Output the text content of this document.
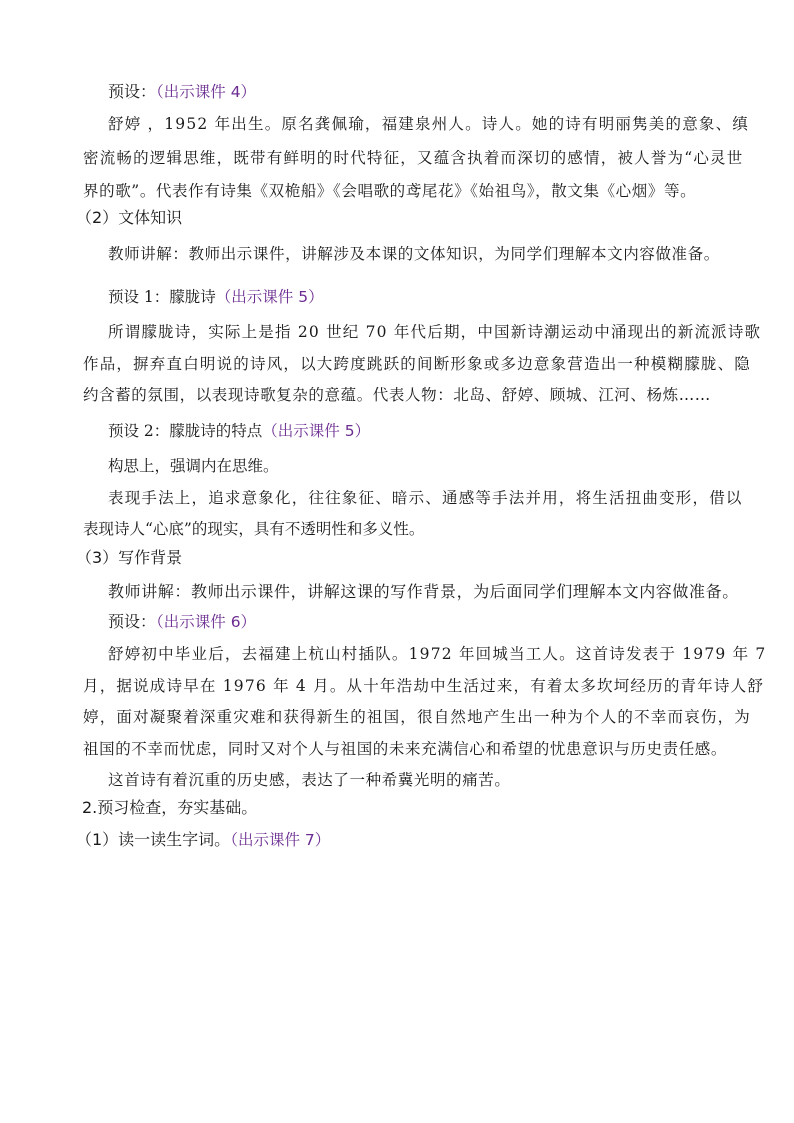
预设：（出示课件 4）
舒婷 ，1952 年出生。原名龚佩瑜，福建泉州人。诗人。她的诗有明丽隽美的意象、缜
密流畅的逻辑思维，既带有鲜明的时代特征，又蕴含执着而深切的感情，被人誉为“心灵世
界的歌”。代表作有诗集《双桅船》《会唱歌的鸢尾花》《始祖鸟》，散文集《心烟》等。
（2）文体知识
教师讲解：教师出示课件，讲解涉及本课的文体知识，为同学们理解本文内容做准备。
预设 1：朦胧诗（出示课件 5）
所谓朦胧诗，实际上是指 20 世纪 70 年代后期，中国新诗潮运动中涌现出的新流派诗歌
作品，摒弃直白明说的诗风，以大跨度跳跃的间断形象或多边意象营造出一种模糊朦胧、隐
约含蓄的氛围，以表现诗歌复杂的意蕴。代表人物：北岛、舒婷、顾城、江河、杨炼……
预设 2：朦胧诗的特点（出示课件 5）
构思上，强调内在思维。
表现手法上，追求意象化，往往象征、暗示、通感等手法并用，将生活扭曲变形，借以
表现诗人“心底”的现实，具有不透明性和多义性。
（3）写作背景
教师讲解：教师出示课件，讲解这课的写作背景，为后面同学们理解本文内容做准备。
预设：（出示课件 6）
舒婷初中毕业后，去福建上杭山村插队。1972 年回城当工人。这首诗发表于 1979 年 7
月，据说成诗早在 1976 年 4 月。从十年浩劫中生活过来，有着太多坎坷经历的青年诗人舒
婷，面对凝聚着深重灾难和获得新生的祖国，很自然地产生出一种为个人的不幸而哀伤，为
祖国的不幸而忧虑，同时又对个人与祖国的未来充满信心和希望的忧患意识与历史责任感。
这首诗有着沉重的历史感，表达了一种希冀光明的痛苦。
2.预习检查，夯实基础。
（1）读一读生字词。（出示课件 7）
